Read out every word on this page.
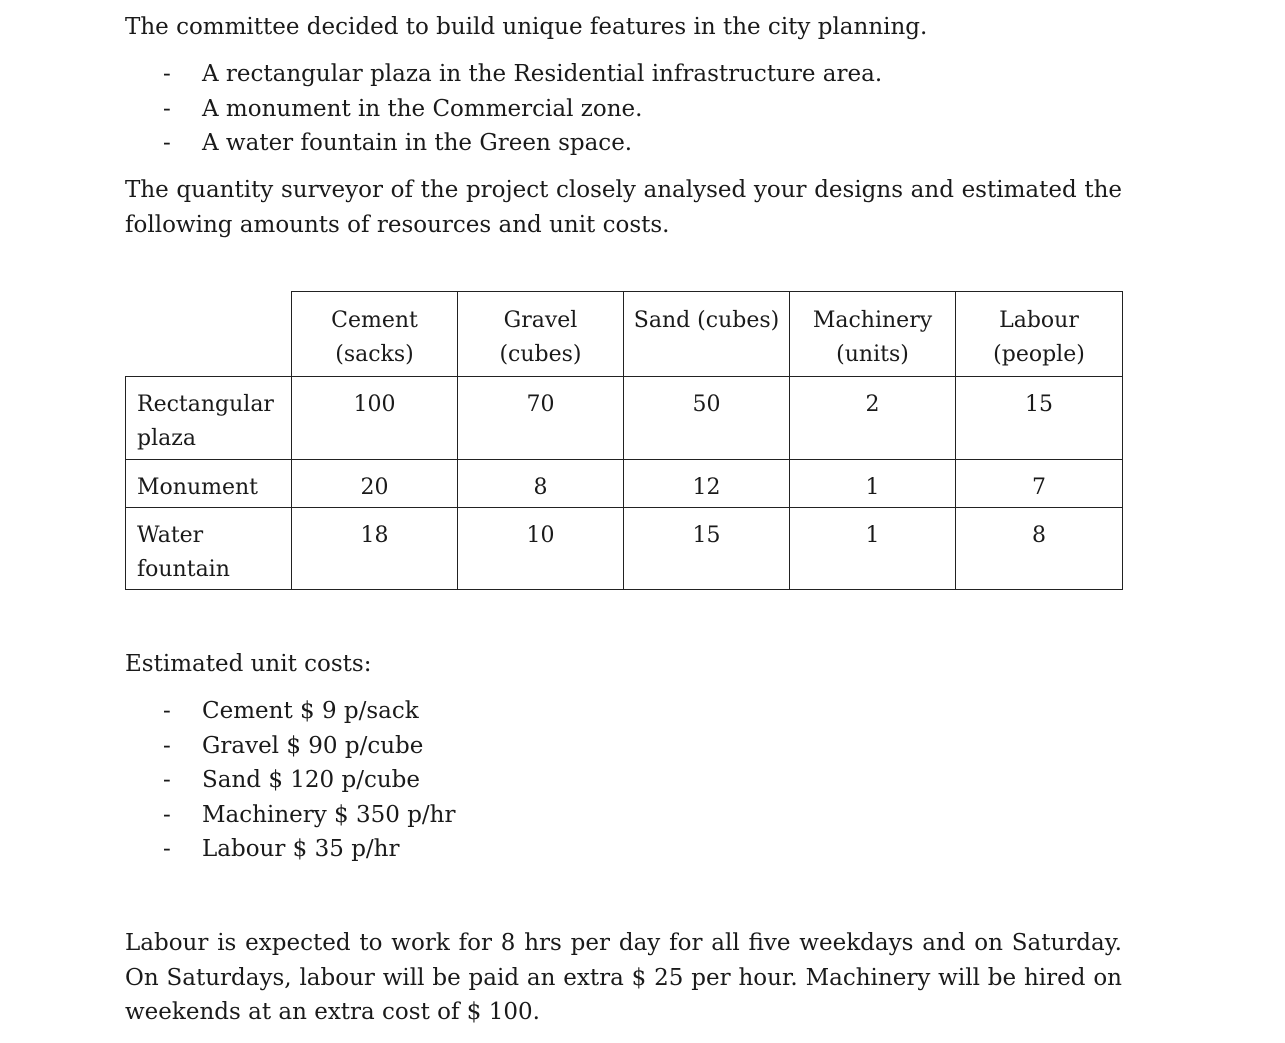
The committee decided to build unique features in the city planning.

- A rectangular plaza in the Residential infrastructure area.
- A monument in the Commercial zone.
- A water fountain in the Green space.

The quantity surveyor of the project closely analysed your designs and estimated the following amounts of resources and unit costs.

	Cement (sacks)	Gravel (cubes)	Sand (cubes)	Machinery (units)	Labour (people)
Rectangular plaza	100	70	50	2	15
Monument	20	8	12	1	7
Water fountain	18	10	15	1	8

Estimated unit costs:

- Cement $ 9 p/sack
- Gravel $ 90 p/cube
- Sand $ 120 p/cube
- Machinery $ 350 p/hr
- Labour $ 35 p/hr

Labour is expected to work for 8 hrs per day for all five weekdays and on Saturday. On Saturdays, labour will be paid an extra $ 25 per hour. Machinery will be hired on weekends at an extra cost of $ 100.
